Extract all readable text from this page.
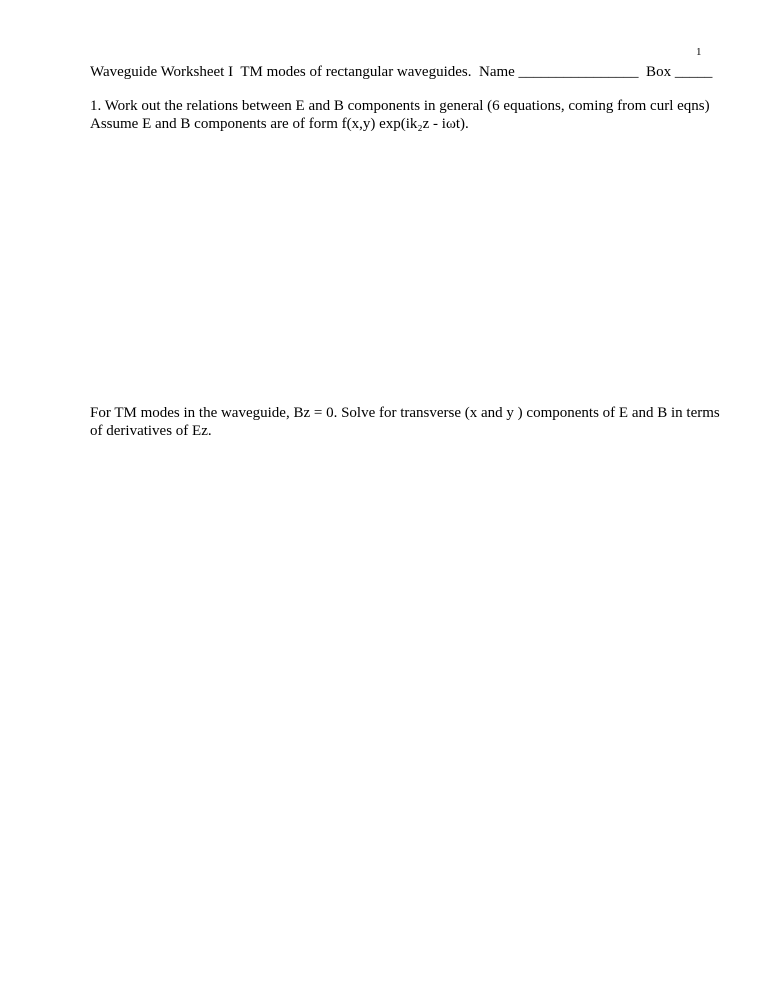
1
Waveguide Worksheet I  TM modes of rectangular waveguides.  Name ________________  Box _____
1. Work out the relations between E and B components in general (6 equations, coming from curl eqns)
Assume E and B components are of form f(x,y) exp(ik₂z - iωt).
For TM modes in the waveguide, Bz = 0. Solve for transverse (x and y ) components of E and B in terms
of derivatives of Ez.
